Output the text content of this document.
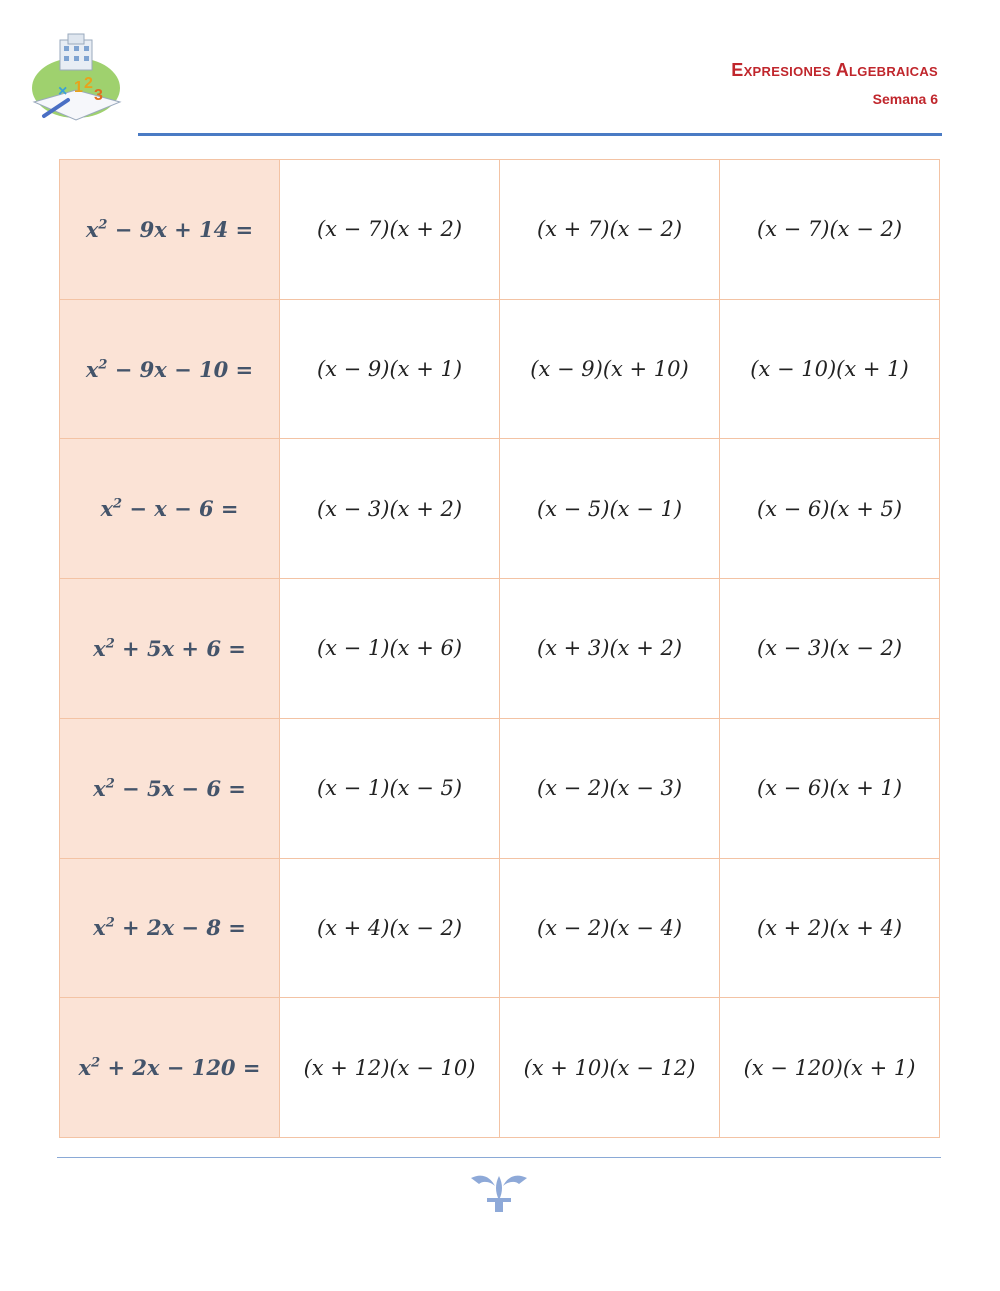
× 1 2
3
Expresiones Algebraicas
Semana 6
$x^2 - 9x + 14$ =	(x − 7)(x + 2)	(x + 7)(x − 2)	(x − 7)(x − 2)
$x^2 - 9x - 10$ =	(x − 9)(x + 1)	(x − 9)(x + 10)	(x − 10)(x + 1)
$x^2 - x - 6$ =	(x − 3)(x + 2)	(x − 5)(x − 1)	(x − 6)(x + 5)
$x^2 + 5x + 6$ =	(x − 1)(x + 6)	(x + 3)(x + 2)	(x − 3)(x − 2)
$x^2 - 5x - 6$ =	(x − 1)(x − 5)	(x − 2)(x − 3)	(x − 6)(x + 1)
$x^2 + 2x - 8$ =	(x + 4)(x − 2)	(x − 2)(x − 4)	(x + 2)(x + 4)
$x^2 + 2x - 120$ =	(x + 12)(x − 10)	(x + 10)(x − 12)	(x − 120)(x + 1)
